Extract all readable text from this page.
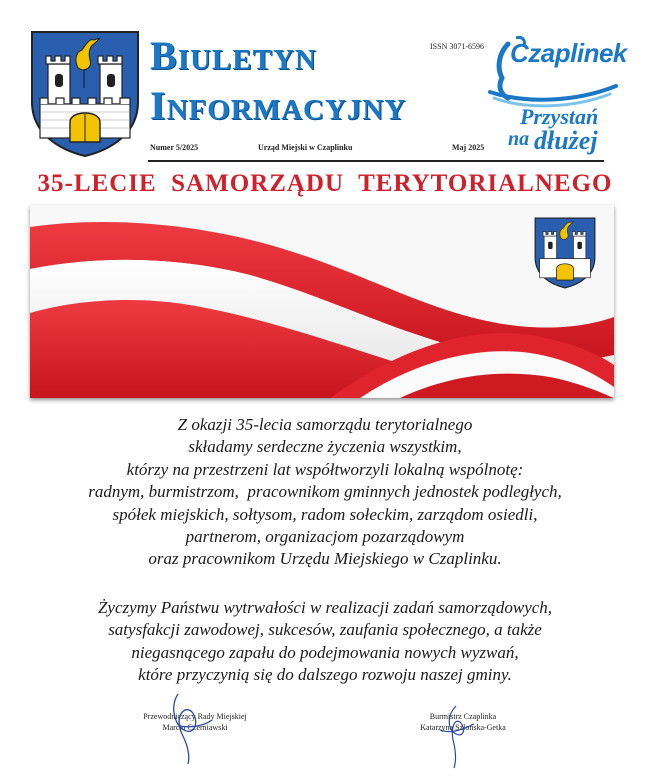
BIULETYN
INFORMACYJNY
ISSN 3071-6596
Numer 5/2025	Urząd Miejski w Czaplinku	Maj 2025
Czaplinek
Przystań
na dłużej
35-LECIE  SAMORZĄDU  TERYTORIALNEGO
Z okazji 35-lecia samorządu terytorialnego
składamy serdeczne życzenia wszystkim,
którzy na przestrzeni lat współtworzyli lokalną wspólnotę:
radnym, burmistrzom,  pracownikom gminnych jednostek podległych,
spółek miejskich, sołtysom, radom sołeckim, zarządom osiedli,
partnerom, organizacjom pozarządowym
oraz pracownikom Urzędu Miejskiego w Czaplinku.
Życzymy Państwu wytrwałości w realizacji zadań samorządowych,
satysfakcji zawodowej, sukcesów, zaufania społecznego, a także
niegasnącego zapału do podejmowania nowych wyzwań,
które przyczynią się do dalszego rozwoju naszej gminy.
Przewodniczący Rady Miejskiej
Marcin Czerniawski
Burmistrz Czaplinka
Katarzyna Szlońska-Getka
